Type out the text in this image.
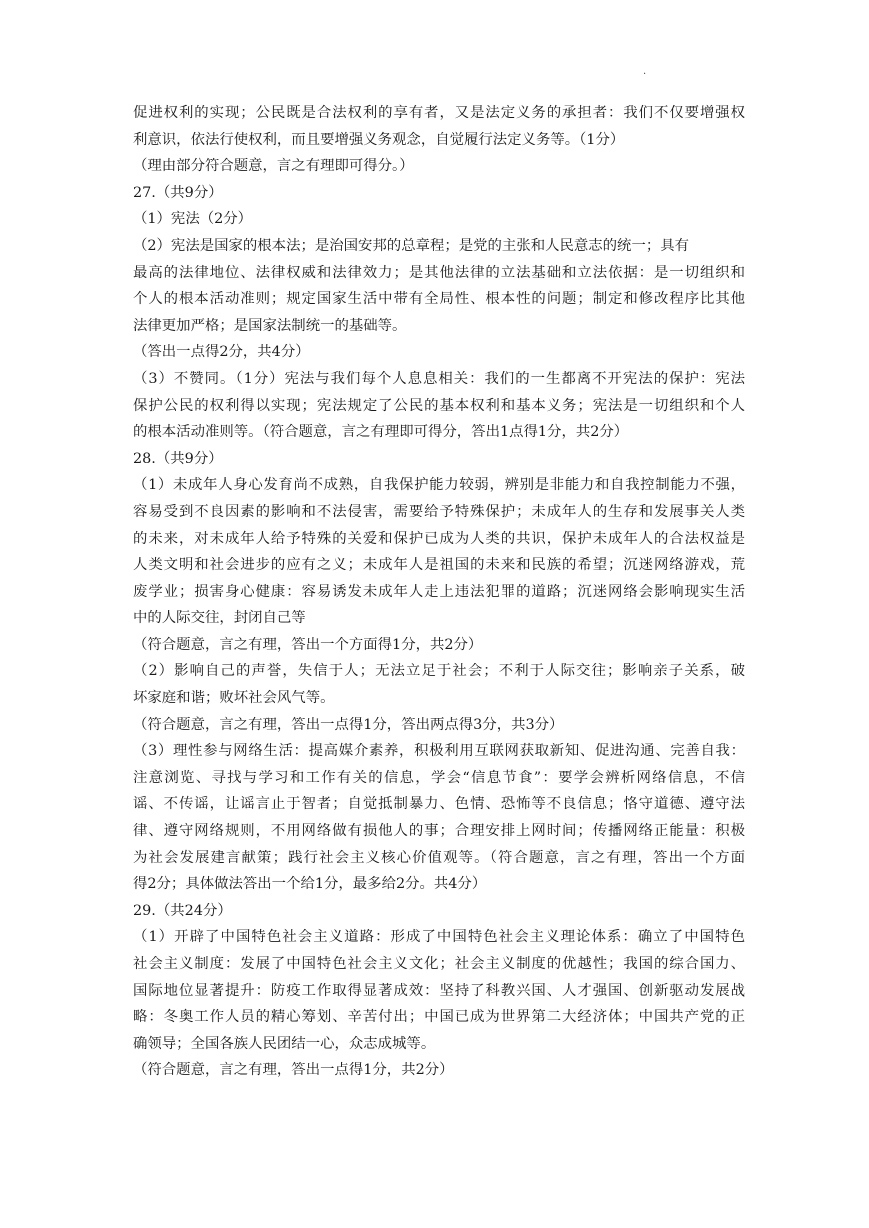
.
促进权利的实现；公民既是合法权利的享有者，又是法定义务的承担者：我们不仅要增强权
利意识，依法行使权利，而且要增强义务观念，自觉履行法定义务等。（1分）
（理由部分符合题意，言之有理即可得分。）
27.（共9分）
（1）宪法（2分）
（2）宪法是国家的根本法；是治国安邦的总章程；是党的主张和人民意志的统一；具有
最高的法律地位、法律权威和法律效力；是其他法律的立法基础和立法依据：是一切组织和
个人的根本活动准则；规定国家生活中带有全局性、根本性的问题；制定和修改程序比其他
法律更加严格；是国家法制统一的基础等。
（答出一点得2分，共4分）
（3）不赞同。（1分）宪法与我们每个人息息相关：我们的一生都离不开宪法的保护：宪法
保护公民的权利得以实现；宪法规定了公民的基本权利和基本义务；宪法是一切组织和个人
的根本活动准则等。（符合题意，言之有理即可得分，答出1点得1分，共2分）
28.（共9分）
（1）未成年人身心发育尚不成熟，自我保护能力较弱，辨别是非能力和自我控制能力不强，
容易受到不良因素的影响和不法侵害，需要给予特殊保护；未成年人的生存和发展事关人类
的未来，对未成年人给予特殊的关爱和保护已成为人类的共识，保护未成年人的合法权益是
人类文明和社会进步的应有之义；未成年人是祖国的未来和民族的希望；沉迷网络游戏，荒
废学业；损害身心健康：容易诱发未成年人走上违法犯罪的道路；沉迷网络会影响现实生活
中的人际交往，封闭自己等
（符合题意，言之有理，答出一个方面得1分，共2分）
（2）影响自己的声誉，失信于人；无法立足于社会；不利于人际交往；影响亲子关系，破
坏家庭和谐；败坏社会风气等。
（符合题意，言之有理，答出一点得1分，答出两点得3分，共3分）
（3）理性参与网络生活：提高媒介素养，积极利用互联网获取新知、促进沟通、完善自我：
注意浏览、寻找与学习和工作有关的信息，学会“信息节食”：要学会辨析网络信息，不信
谣、不传谣，让谣言止于智者；自觉抵制暴力、色情、恐怖等不良信息；恪守道德、遵守法
律、遵守网络规则，不用网络做有损他人的事；合理安排上网时间；传播网络正能量：积极
为社会发展建言献策；践行社会主义核心价值观等。（符合题意，言之有理，答出一个方面
得2分；具体做法答出一个给1分，最多给2分。共4分）
29.（共24分）
（1）开辟了中国特色社会主义道路：形成了中国特色社会主义理论体系：确立了中国特色
社会主义制度：发展了中国特色社会主义文化；社会主义制度的优越性；我国的综合国力、
国际地位显著提升：防疫工作取得显著成效：坚持了科教兴国、人才强国、创新驱动发展战
略：冬奥工作人员的精心筹划、辛苦付出；中国已成为世界第二大经济体；中国共产党的正
确领导；全国各族人民团结一心，众志成城等。
（符合题意，言之有理，答出一点得1分，共2分）
